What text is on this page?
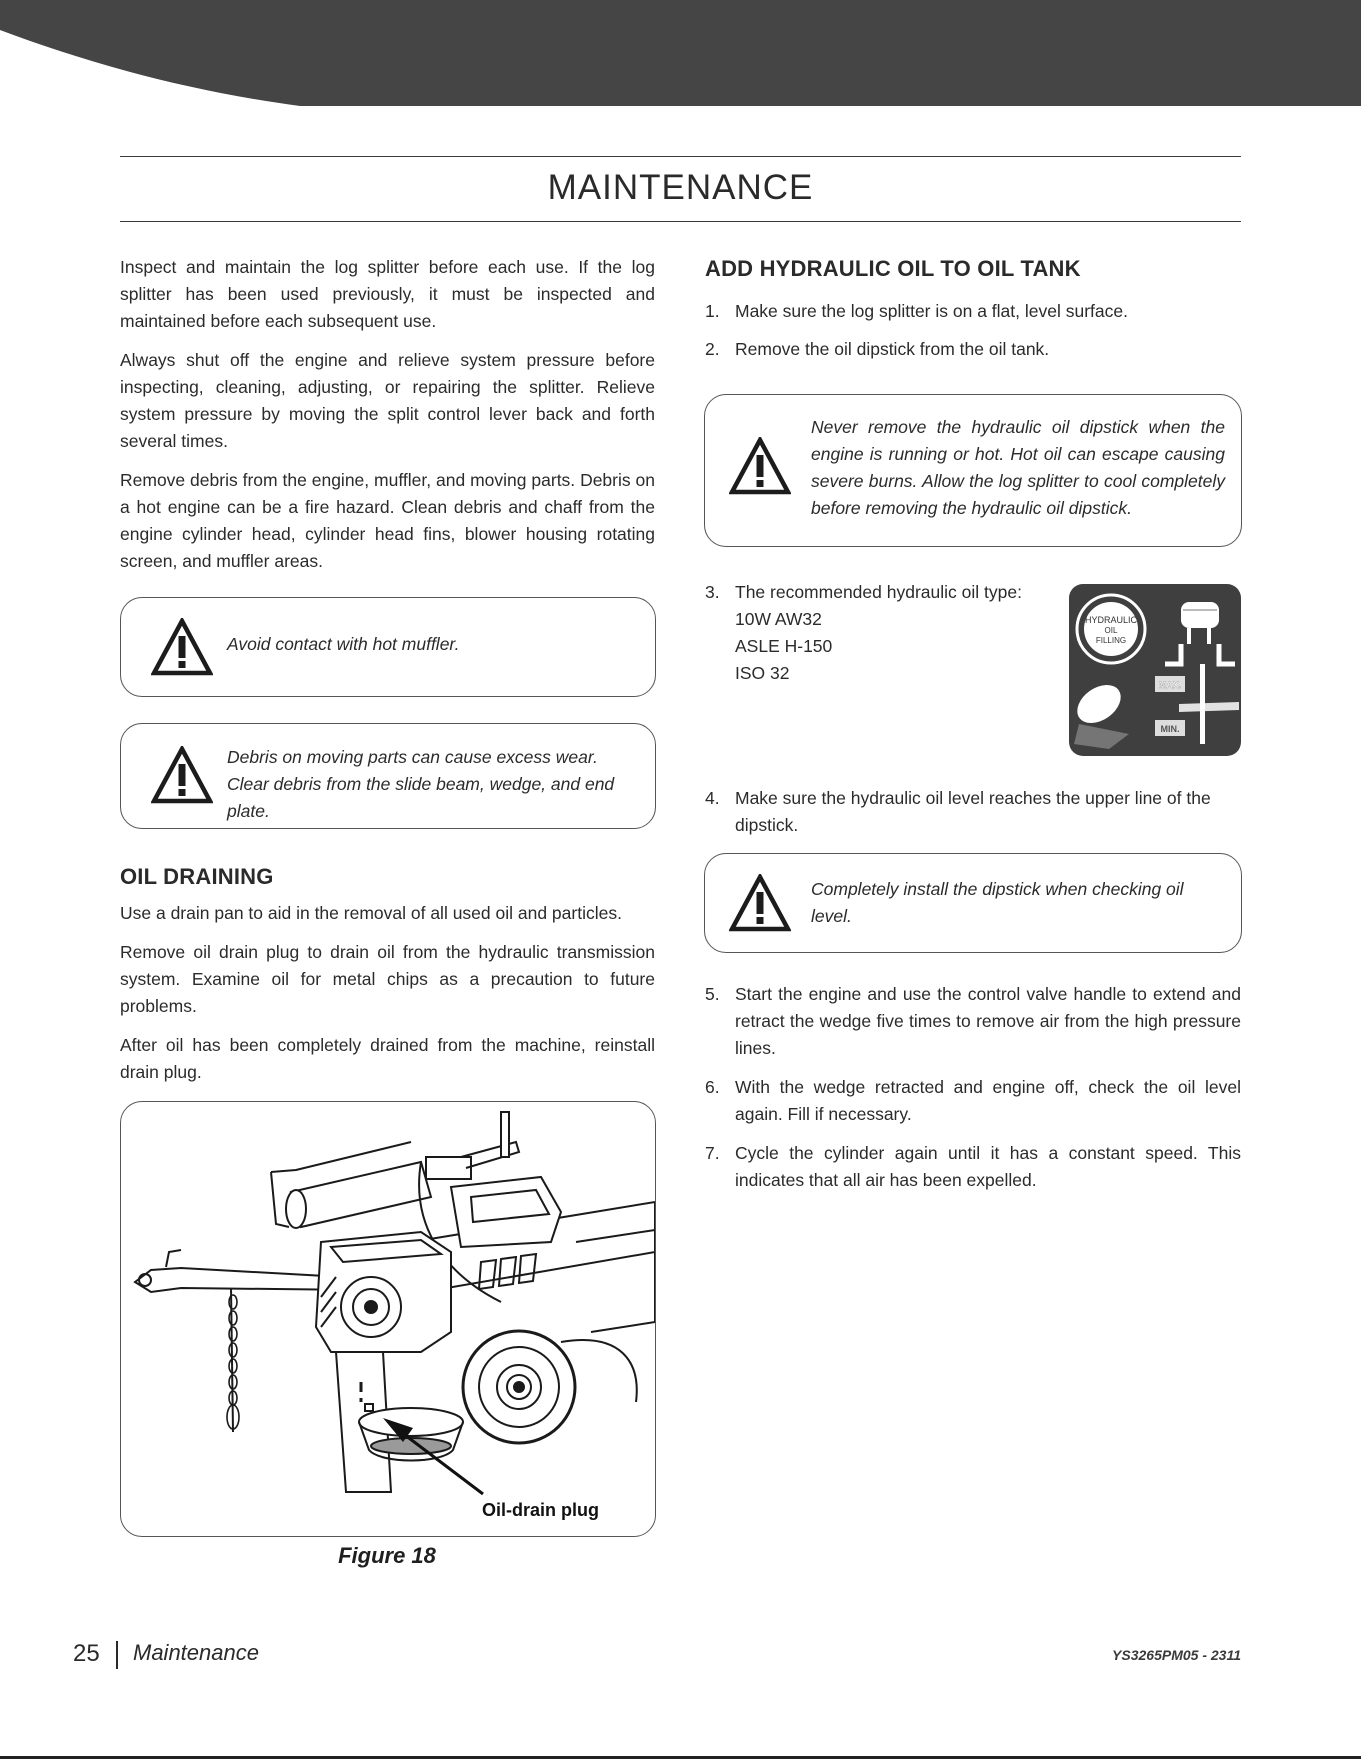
MAINTENANCE

Inspect and maintain the log splitter before each use. If the log splitter has been used previously, it must be inspected and maintained before each subsequent use.

Always shut off the engine and relieve system pressure before inspecting, cleaning, adjusting, or repairing the splitter. Relieve system pressure by moving the split control lever back and forth several times.

Remove debris from the engine, muffler, and moving parts. Debris on a hot engine can be a fire hazard. Clean debris and chaff from the engine cylinder head, cylinder head fins, blower housing rotating screen, and muffler areas.

Avoid contact with hot muffler.
Debris on moving parts can cause excess wear. Clear debris from the slide beam, wedge, and end plate.
OIL DRAINING

Use a drain pan to aid in the removal of all used oil and particles.

Remove oil drain plug to drain oil from the hydraulic transmission system. Examine oil for metal chips as a precaution to future problems.

After oil has been completely drained from the machine, reinstall drain plug.

Oil-drain plug
Figure 18
ADD HYDRAULIC OIL TO OIL TANK
1. Make sure the log splitter is on a flat, level surface.
2. Remove the oil dipstick from the oil tank.
Never remove the hydraulic oil dipstick when the engine is running or hot. Hot oil can escape causing severe burns. Allow the log splitter to cool completely before removing the hydraulic oil dipstick.
3. The recommended hydraulic oil type:
10W AW32
ASLE H-150
ISO 32
HYDRAULIC
OIL
FILLING
MAX.
MIN.
4. Make sure the hydraulic oil level reaches the upper line of the dipstick.
Completely install the dipstick when checking oil level.
5. Start the engine and use the control valve handle to extend and retract the wedge five times to remove air from the high pressure lines.
6. With the wedge retracted and engine off, check the oil level again. Fill if necessary.
7. Cycle the cylinder again until it has a constant speed. This indicates that all air has been expelled.
25 Maintenance	YS3265PM05 - 2311
